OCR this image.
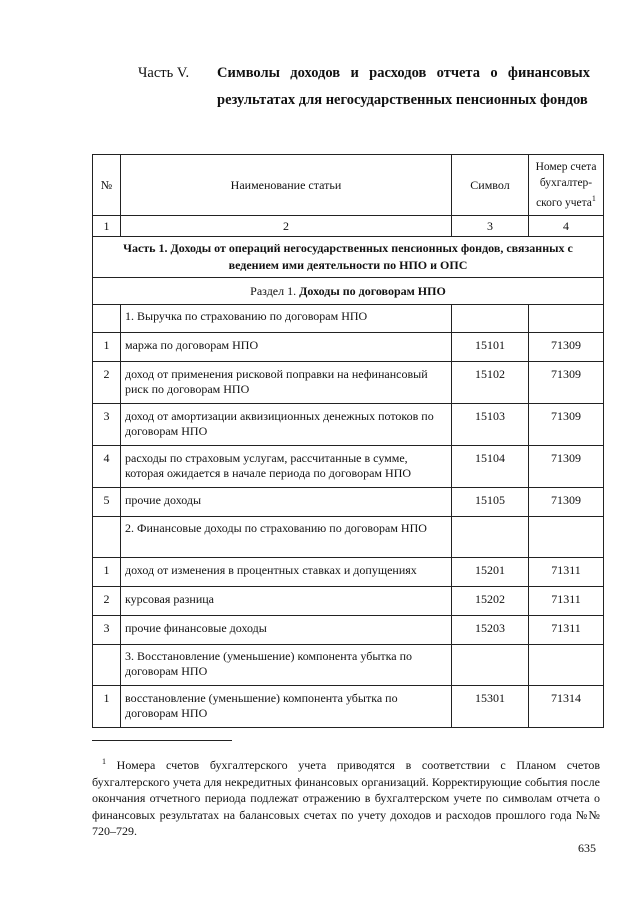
Часть V. Символы доходов и расходов отчета о финансовых результатах для негосударственных пенсионных фондов
№	Наименование статьи	Символ	Номер счета бухгалтер-ского учета$^1$
1	2	3	4
Часть 1. Доходы от операций негосударственных пенсионных фондов, связанных с ведением ими деятельности по НПО и ОПС			
Раздел 1. Доходы по договорам НПО			
	1. Выручка по страхованию по договорам НПО		
1	маржа по договорам НПО	15101	71309
2	доход от применения рисковой поправки на нефинансовый риск по договорам НПО	15102	71309
3	доход от амортизации аквизиционных денежных потоков по договорам НПО	15103	71309
4	расходы по страховым услугам, рассчитанные в сумме, которая ожидается в начале периода по договорам НПО	15104	71309
5	прочие доходы	15105	71309
	2. Финансовые доходы по страхованию по договорам НПО		
1	доход от изменения в процентных ставках и допущениях	15201	71311
2	курсовая разница	15202	71311
3	прочие финансовые доходы	15203	71311
	3. Восстановление (уменьшение) компонента убытка по договорам НПО		
1	восстановление (уменьшение) компонента убытка по договорам НПО	15301	71314
$^1$ Номера счетов бухгалтерского учета приводятся в соответствии с Планом счетов бухгалтерского учета для некредитных финансовых организаций. Корректирующие события после окончания отчетного периода подлежат отражению в бухгалтерском учете по символам отчета о финансовых результатах на балансовых счетах по учету доходов и расходов прошлого года №№ 720–729.
635
